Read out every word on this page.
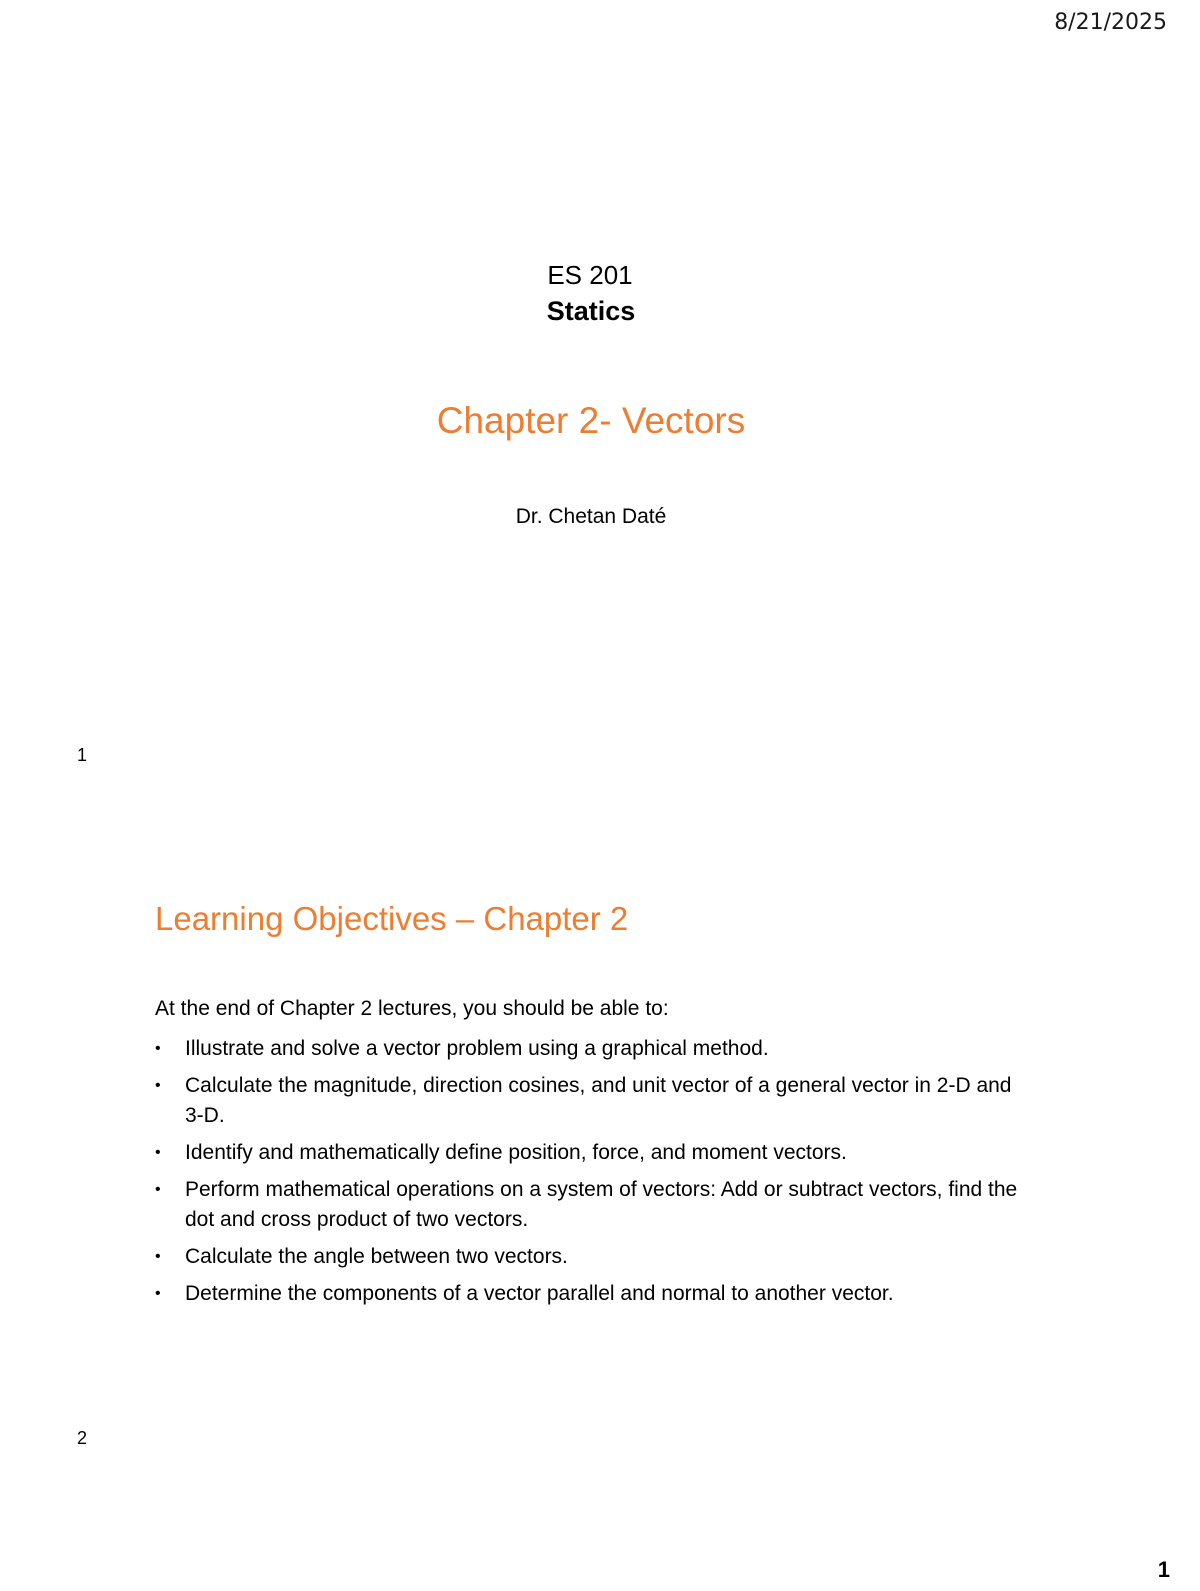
8/21/2025
ES 201
Statics
Chapter 2- Vectors
Dr. Chetan Daté
1
Learning Objectives – Chapter 2
At the end of Chapter 2 lectures, you should be able to:
• Illustrate and solve a vector problem using a graphical method.
• Calculate the magnitude, direction cosines, and unit vector of a general vector in 2-D and 3-D.
• Identify and mathematically define position, force, and moment vectors.
• Perform mathematical operations on a system of vectors: Add or subtract vectors, find the dot and cross product of two vectors.
• Calculate the angle between two vectors.
• Determine the components of a vector parallel and normal to another vector.
2
1
